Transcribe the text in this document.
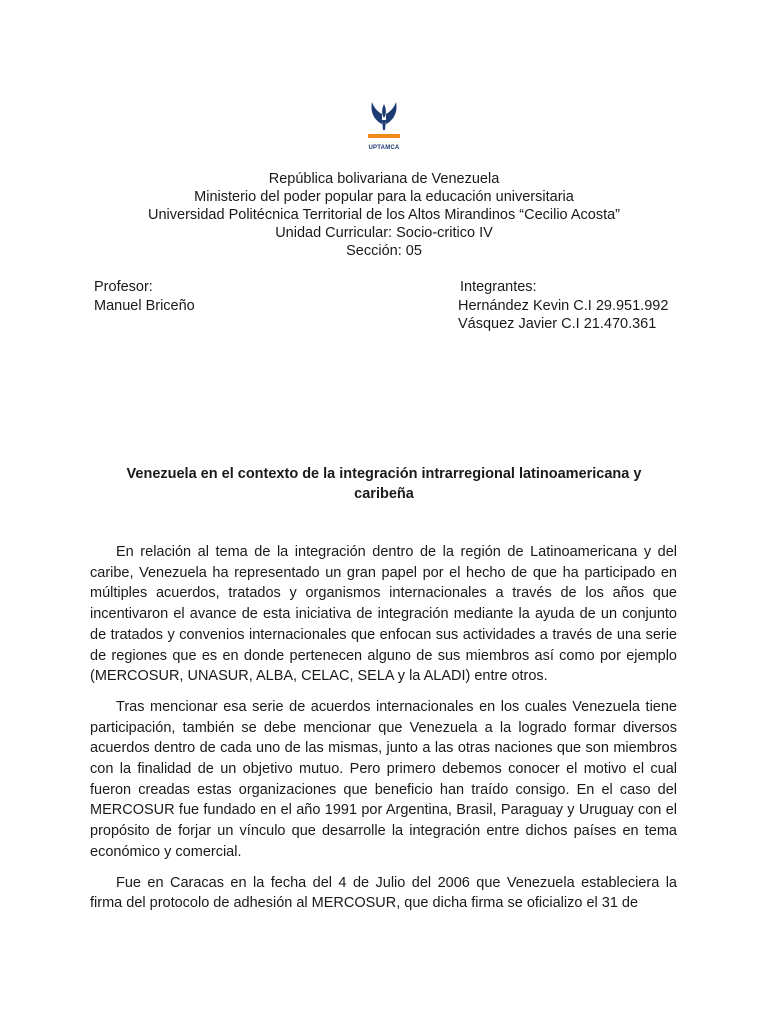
UPTAMCA
República bolivariana de Venezuela
Ministerio del poder popular para la educación universitaria
Universidad Politécnica Territorial de los Altos Mirandinos “Cecilio Acosta”
Unidad Curricular: Socio-critico IV
Sección: 05
Profesor:
Manuel Briceño
Integrantes:
Hernández Kevin C.I 29.951.992
Vásquez Javier C.I 21.470.361
Venezuela en el contexto de la integración intrarregional latinoamericana y caribeña

En relación al tema de la integración dentro de la región de Latinoamericana y del caribe, Venezuela ha representado un gran papel por el hecho de que ha participado en múltiples acuerdos, tratados y organismos internacionales a través de los años que incentivaron el avance de esta iniciativa de integración mediante la ayuda de un conjunto de tratados y convenios internacionales que enfocan sus actividades a través de una serie de regiones que es en donde pertenecen alguno de sus miembros así como por ejemplo (MERCOSUR, UNASUR, ALBA, CELAC, SELA y la ALADI) entre otros.

Tras mencionar esa serie de acuerdos internacionales en los cuales Venezuela tiene participación, también se debe mencionar que Venezuela a la logrado formar diversos acuerdos dentro de cada uno de las mismas, junto a las otras naciones que son miembros con la finalidad de un objetivo mutuo. Pero primero debemos conocer el motivo el cual fueron creadas estas organizaciones que beneficio han traído consigo. En el caso del MERCOSUR fue fundado en el año 1991 por Argentina, Brasil, Paraguay y Uruguay con el propósito de forjar un vínculo que desarrolle la integración entre dichos países en tema económico y comercial.

Fue en Caracas en la fecha del 4 de Julio del 2006 que Venezuela estableciera la firma del protocolo de adhesión al MERCOSUR, que dicha firma se oficializo el 31 de
